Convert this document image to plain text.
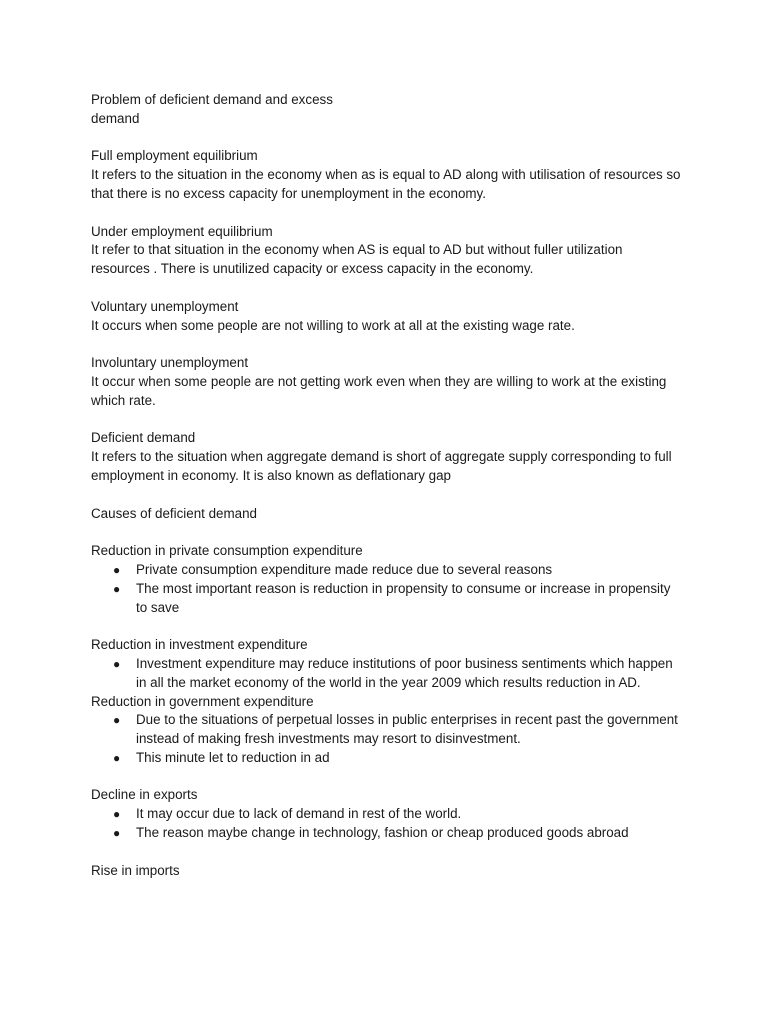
Problem of deficient demand and excess
demand
Full employment equilibrium
It refers to the situation in the economy when as is equal to AD along with utilisation of resources so that there is no excess capacity for unemployment in the economy.
Under employment equilibrium
It refer to that situation in the economy when AS is equal to AD but without fuller utilization resources . There is unutilized capacity or excess capacity in the economy.
Voluntary unemployment
It occurs when some people are not willing to work at all at the existing wage rate.
Involuntary unemployment
It occur when some people are not getting work even when they are willing to work at the existing which rate.
Deficient demand
It refers to the situation when aggregate demand is short of aggregate supply corresponding to full employment in economy. It is also known as deflationary gap
Causes of deficient demand
Reduction in private consumption expenditure
● Private consumption expenditure made reduce due to several reasons
● The most important reason is reduction in propensity to consume or increase in propensity to save
Reduction in investment expenditure
● Investment expenditure may reduce institutions of poor business sentiments which happen in all the market economy of the world in the year 2009 which results reduction in AD.
Reduction in government expenditure
● Due to the situations of perpetual losses in public enterprises in recent past the government instead of making fresh investments may resort to disinvestment.
● This minute let to reduction in ad
Decline in exports
● It may occur due to lack of demand in rest of the world.
● The reason maybe change in technology, fashion or cheap produced goods abroad
Rise in imports
